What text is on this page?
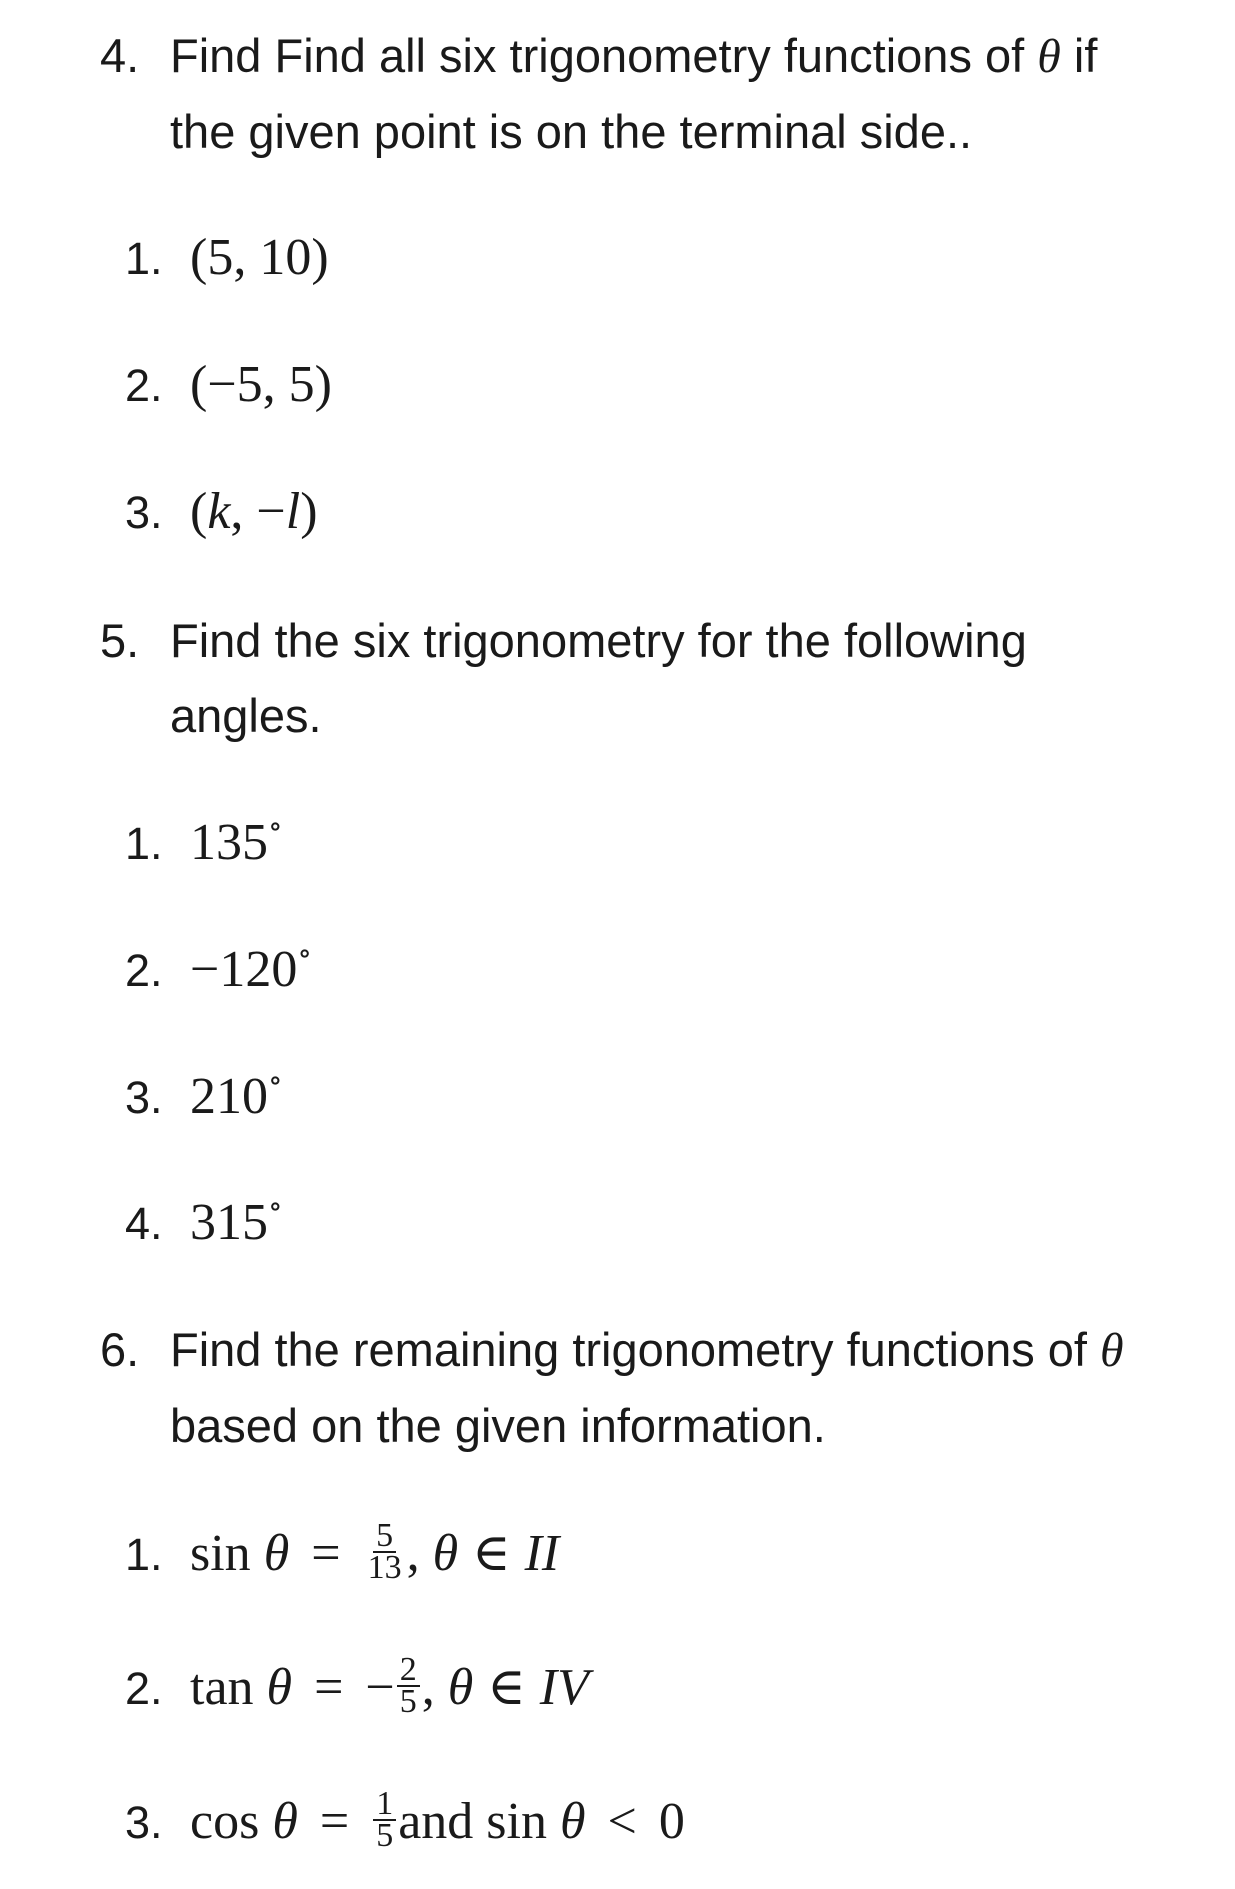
4. Find Find all six trigonometry functions of θ if
the given point is on the terminal side..
1. (5, 10)
2. (−5, 5)
3. (k, −l)
5. Find the six trigonometry for the following
angles.
1. 135∘
2. −120∘
3. 210∘
4. 315∘
6. Find the remaining trigonometry functions of θ
based on the given information.
1. $\sin \theta = \frac{5}{13}$ , θ ∈ II
2. tan θ = − $\frac{2}{5}$ , θ ∈ IV
3. $\cos \theta = \frac{1}{5}$ and sin θ < 0
